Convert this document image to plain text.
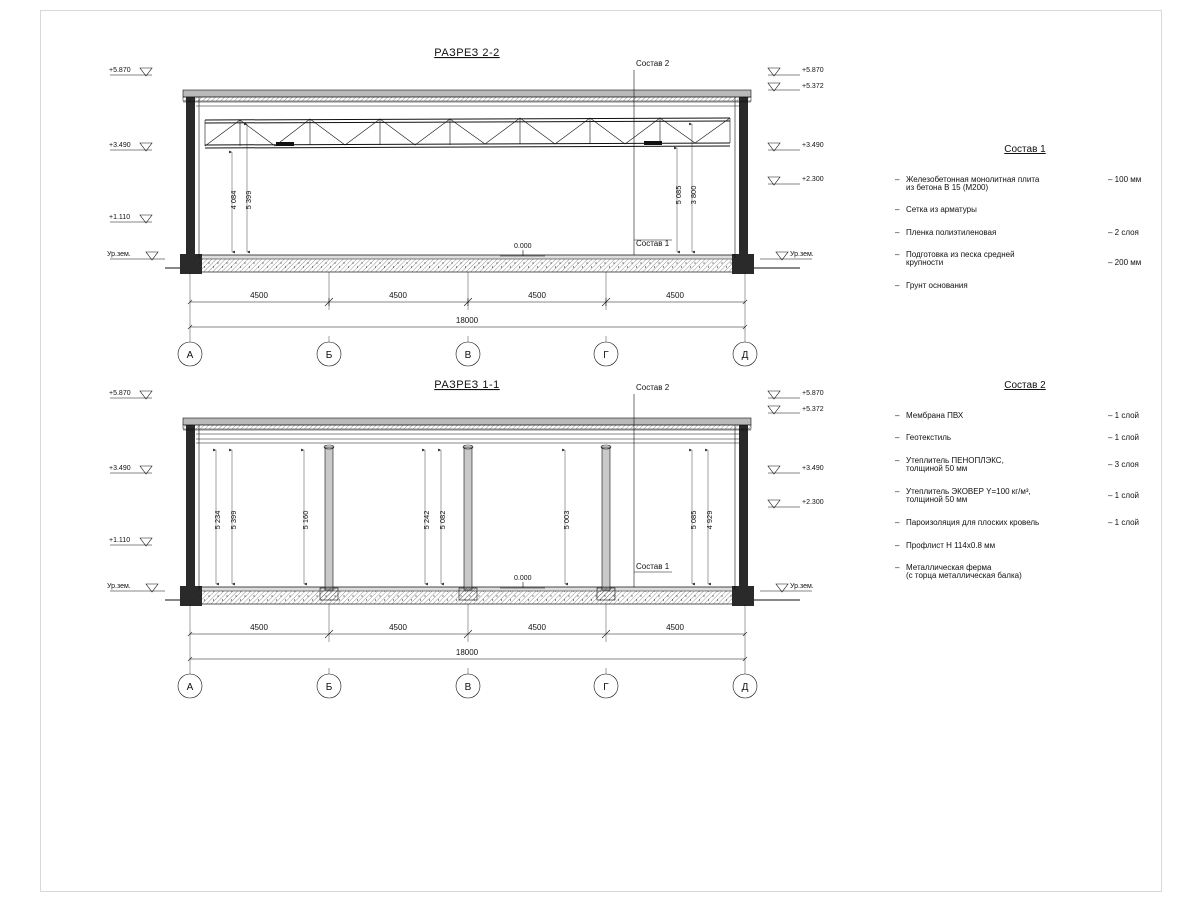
4 084 5 399	5 085 3 800
0.000
Состав 2
Состав 1
+5.870
+3.490
+1.110
Ур.зем.
+5.870
+5.372
+3.490
+2.300
Ур.зем.
4500	4500	4500	4500
18000
А	Б	В	Г	Д
РАЗРЕЗ 2-2
5 234 5 399	5 160	5 242 5 082	5 003	5 085 4 929
0.000
Состав 2
Состав 1
+5.870
+3.490
+1.110
Ур.зем.
+5.870
+5.372
+3.490
+2.300
Ур.зем.
4500	4500	4500	4500
18000
А	Б	В	Г	Д
РАЗРЕЗ 1-1
Состав 1
– Железобетонная монолитная плита
из бетона В 15 (М200)
– 100 мм
– Сетка из арматуры
– Пленка полиэтиленовая	– 2 слоя
– Подготовка из песка средней
крупности	– 200 мм
– Грунт основания
Состав 2
– Мембрана ПВХ	– 1 слой
– Геотекстиль	– 1 слой
– Утеплитель ПЕНОПЛЭКС,
толщиной 50 мм	– 3 слоя
– Утеплитель ЭКОВЕР Y=100 кг/м³,
толщиной 50 мм	– 1 слой
– Пароизоляция для плоских кровель	– 1 слой
– Профлист Н 114х0.8 мм
– Металлическая ферма
(с торца металлическая балка)
